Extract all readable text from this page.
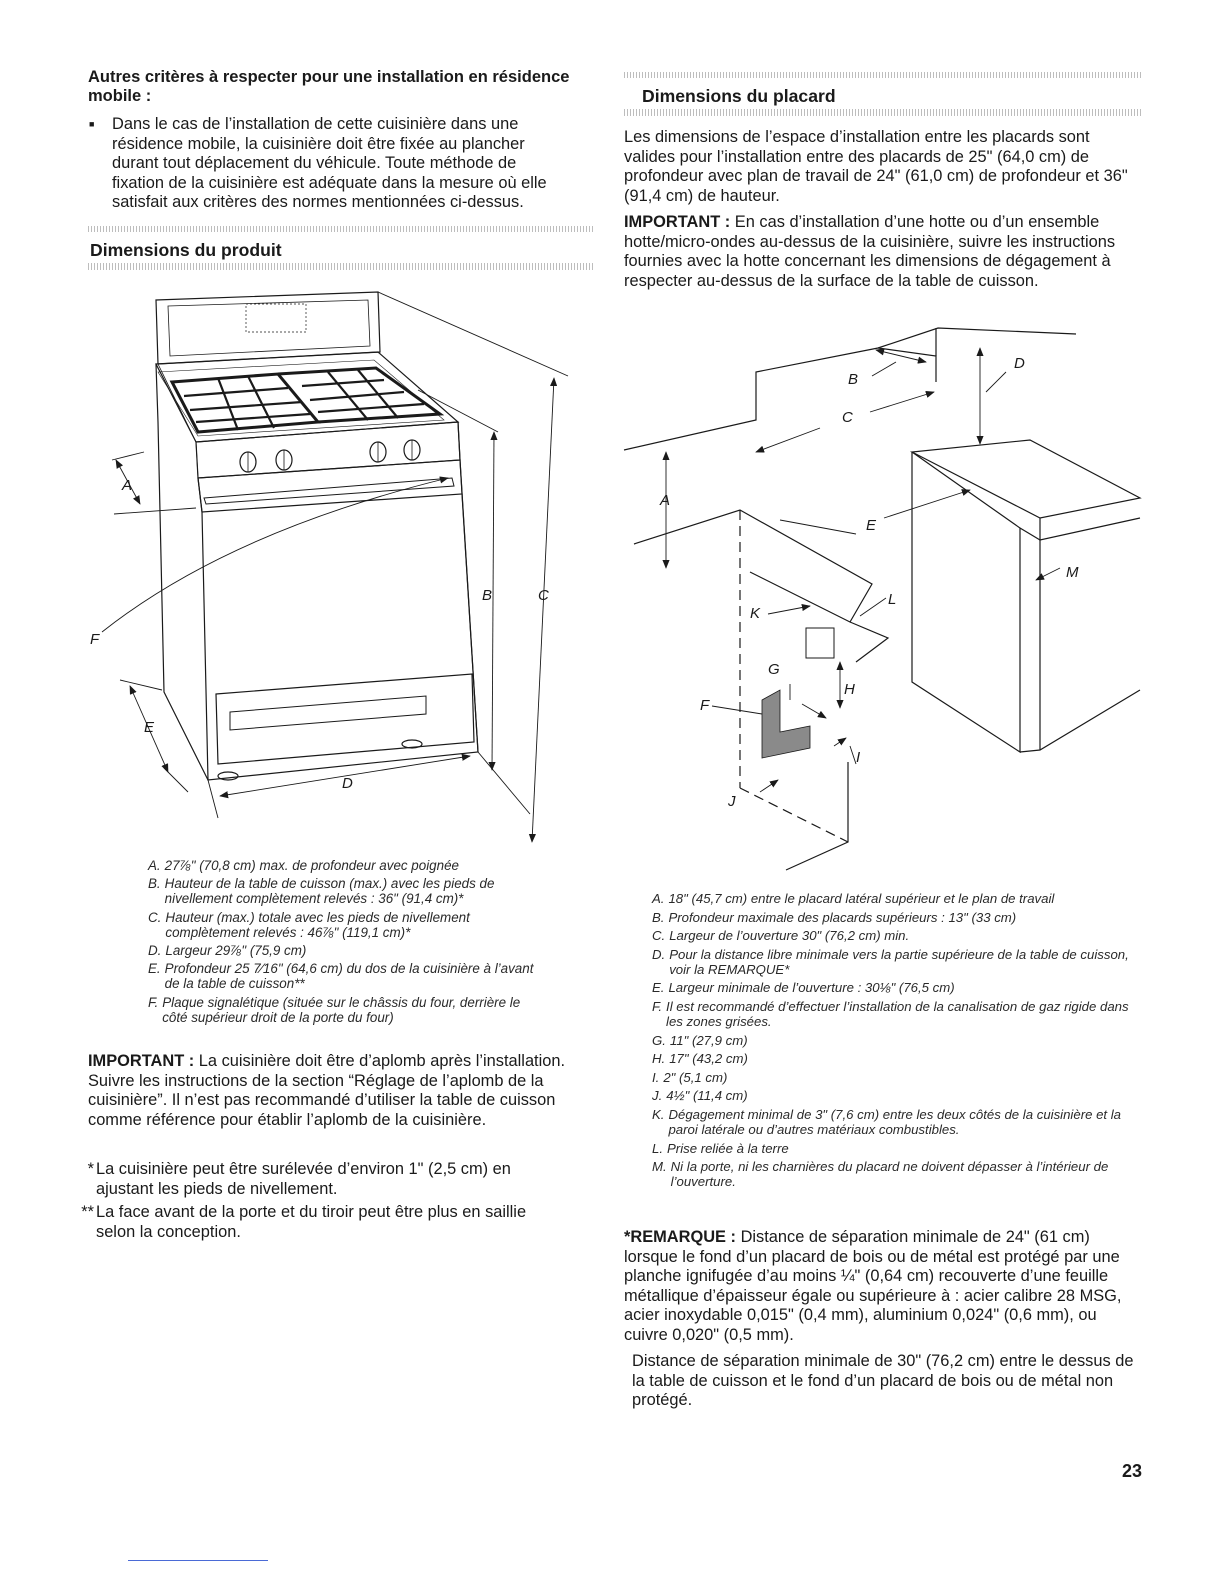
Autres critères à respecter pour une installation en résidence mobile :
■	Dans le cas de l’installation de cette cuisinière dans une résidence mobile, la cuisinière doit être fixée au plancher durant tout déplacement du véhicule. Toute méthode de fixation de la cuisinière est adéquate dans la mesure où elle satisfait aux critères des normes mentionnées ci-dessus.
Dimensions du produit
A
B	C
D
E
F
A. 27⅞" (70,8 cm) max. de profondeur avec poignée
B. Hauteur de la table de cuisson (max.) avec les pieds de nivellement complètement relevés : 36" (91,4 cm)*
C. Hauteur (max.) totale avec les pieds de nivellement complètement relevés : 46⅞" (119,1 cm)*
D. Largeur 29⅞" (75,9 cm)
E. Profondeur 25 7⁄16" (64,6 cm) du dos de la cuisinière à l’avant de la table de cuisson**
F. Plaque signalétique (située sur le châssis du four, derrière le côté supérieur droit de la porte du four)
IMPORTANT : La cuisinière doit être d’aplomb après l’installation. Suivre les instructions de la section “Réglage de l’aplomb de la cuisinière”. Il n’est pas recommandé d’utiliser la table de cuisson comme référence pour établir l’aplomb de la cuisinière.
* La cuisinière peut être surélevée d’environ 1" (2,5 cm) en ajustant les pieds de nivellement.
** La face avant de la porte et du tiroir peut être plus en saillie selon la conception.
Dimensions du placard
Les dimensions de l’espace d’installation entre les placards sont valides pour l’installation entre des placards de 25" (64,0 cm) de profondeur avec plan de travail de 24" (61,0 cm) de profondeur et 36" (91,4 cm) de hauteur.
IMPORTANT : En cas d’installation d’une hotte ou d’un ensemble hotte/micro-ondes au-dessus de la cuisinière, suivre les instructions fournies avec la hotte concernant les dimensions de dégagement à respecter au-dessus de la surface de la table de cuisson.
A
B
C
D
E
F
G
H
I
J
K
L
M
A. 18" (45,7 cm) entre le placard latéral supérieur et le plan de travail
B. Profondeur maximale des placards supérieurs : 13" (33 cm)
C. Largeur de l’ouverture 30" (76,2 cm) min.
D. Pour la distance libre minimale vers la partie supérieure de la table de cuisson, voir la REMARQUE*
E. Largeur minimale de l’ouverture : 30⅛" (76,5 cm)
F. Il est recommandé d’effectuer l’installation de la canalisation de gaz rigide dans les zones grisées.
G. 11" (27,9 cm)
H. 17" (43,2 cm)
I. 2" (5,1 cm)
J. 4½" (11,4 cm)
K. Dégagement minimal de 3" (7,6 cm) entre les deux côtés de la cuisinière et la paroi latérale ou d’autres matériaux combustibles.
L. Prise reliée à la terre
M. Ni la porte, ni les charnières du placard ne doivent dépasser à l’intérieur de l’ouverture.
*REMARQUE : Distance de séparation minimale de 24" (61 cm) lorsque le fond d’un placard de bois ou de métal est protégé par une planche ignifugée d’au moins ¼" (0,64 cm) recouverte d’une feuille métallique d’épaisseur égale ou supérieure à : acier calibre 28 MSG, acier inoxydable 0,015" (0,4 mm), aluminium 0,024" (0,6 mm), ou cuivre 0,020" (0,5 mm).
Distance de séparation minimale de 30" (76,2 cm) entre le dessus de la table de cuisson et le fond d’un placard de bois ou de métal non protégé.
23
